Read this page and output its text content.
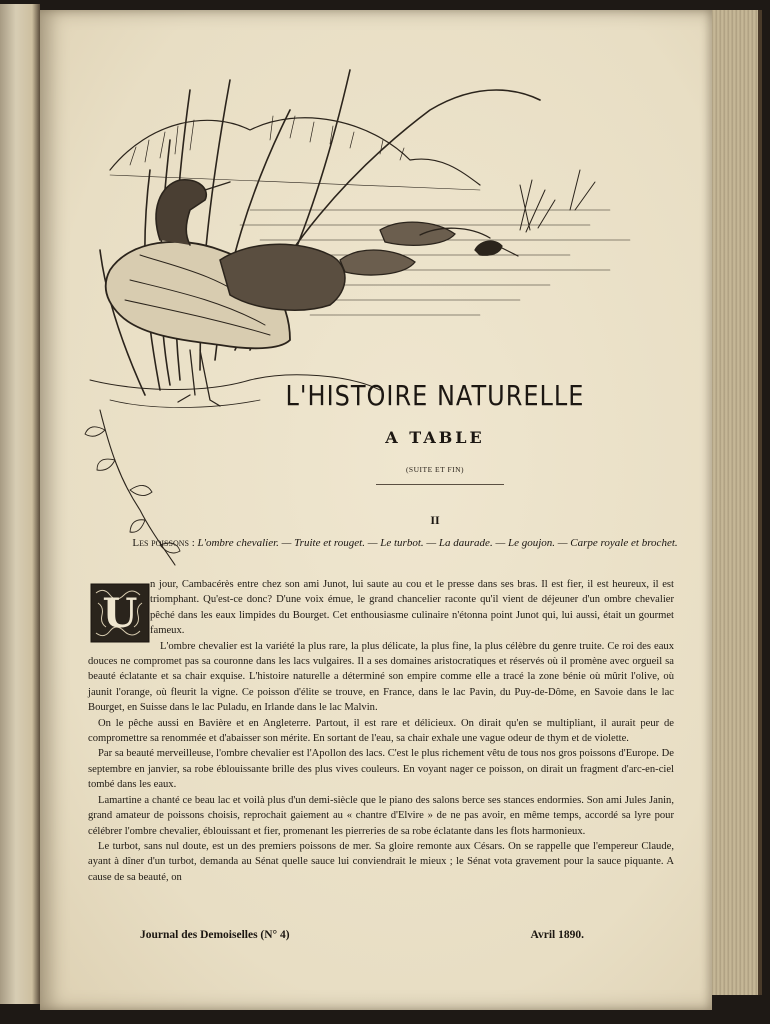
L'HISTOIRE NATURELLE
A TABLE
(SUITE ET FIN)
II
Les poissons : L'ombre chevalier. — Truite et rouget. — Le turbot. — La daurade. — Le goujon. — Carpe royale et brochet.
U

n jour, Cambacérès entre chez son ami Junot, lui saute au cou et le presse dans ses bras. Il est fier, il est heureux, il est triomphant. Qu'est-ce donc? D'une voix émue, le grand chancelier raconte qu'il vient de déjeuner d'un ombre chevalier pêché dans les eaux limpides du Bourget. Cet enthousiasme culinaire n'étonna point Junot qui, lui aussi, était un gourmet fameux.

L'ombre chevalier est la variété la plus rare, la plus délicate, la plus fine, la plus célèbre du genre truite. Ce roi des eaux douces ne compromet pas sa couronne dans les lacs vulgaires. Il a ses domaines aristocratiques et réservés où il promène avec orgueil sa beauté éclatante et sa chair exquise. L'histoire naturelle a déterminé son empire comme elle a tracé la zone bénie où mûrit l'olive, où jaunit l'orange, où fleurit la vigne. Ce poisson d'élite se trouve, en France, dans le lac Pavin, du Puy-de-Dôme, en Savoie dans le lac Bourget, en Suisse dans le lac Puladu, en Irlande dans le lac Malvin.

On le pêche aussi en Bavière et en Angleterre. Partout, il est rare et délicieux. On dirait qu'en se multipliant, il aurait peur de compromettre sa renommée et d'abaisser son mérite. En sortant de l'eau, sa chair exhale une vague odeur de thym et de violette.

Par sa beauté merveilleuse, l'ombre chevalier est l'Apollon des lacs. C'est le plus richement vêtu de tous nos gros poissons d'Europe. De septembre en janvier, sa robe éblouissante brille des plus vives couleurs. En voyant nager ce poisson, on dirait un fragment d'arc-en-ciel tombé dans les eaux.

Lamartine a chanté ce beau lac et voilà plus d'un demi-siècle que le piano des salons berce ses stances endormies. Son ami Jules Janin, grand amateur de poissons choisis, reprochait gaiement au « chantre d'Elvire » de ne pas avoir, en même temps, accordé sa lyre pour célébrer l'ombre chevalier, éblouissant et fier, promenant les pierreries de sa robe éclatante dans les flots harmonieux.

Le turbot, sans nul doute, est un des premiers poissons de mer. Sa gloire remonte aux Césars. On se rappelle que l'empereur Claude, ayant à dîner d'un turbot, demanda au Sénat quelle sauce lui conviendrait le mieux ; le Sénat vota gravement pour la sauce piquante. A cause de sa beauté, on

Journal des Demoiselles (N° 4)	Avril 1890.
